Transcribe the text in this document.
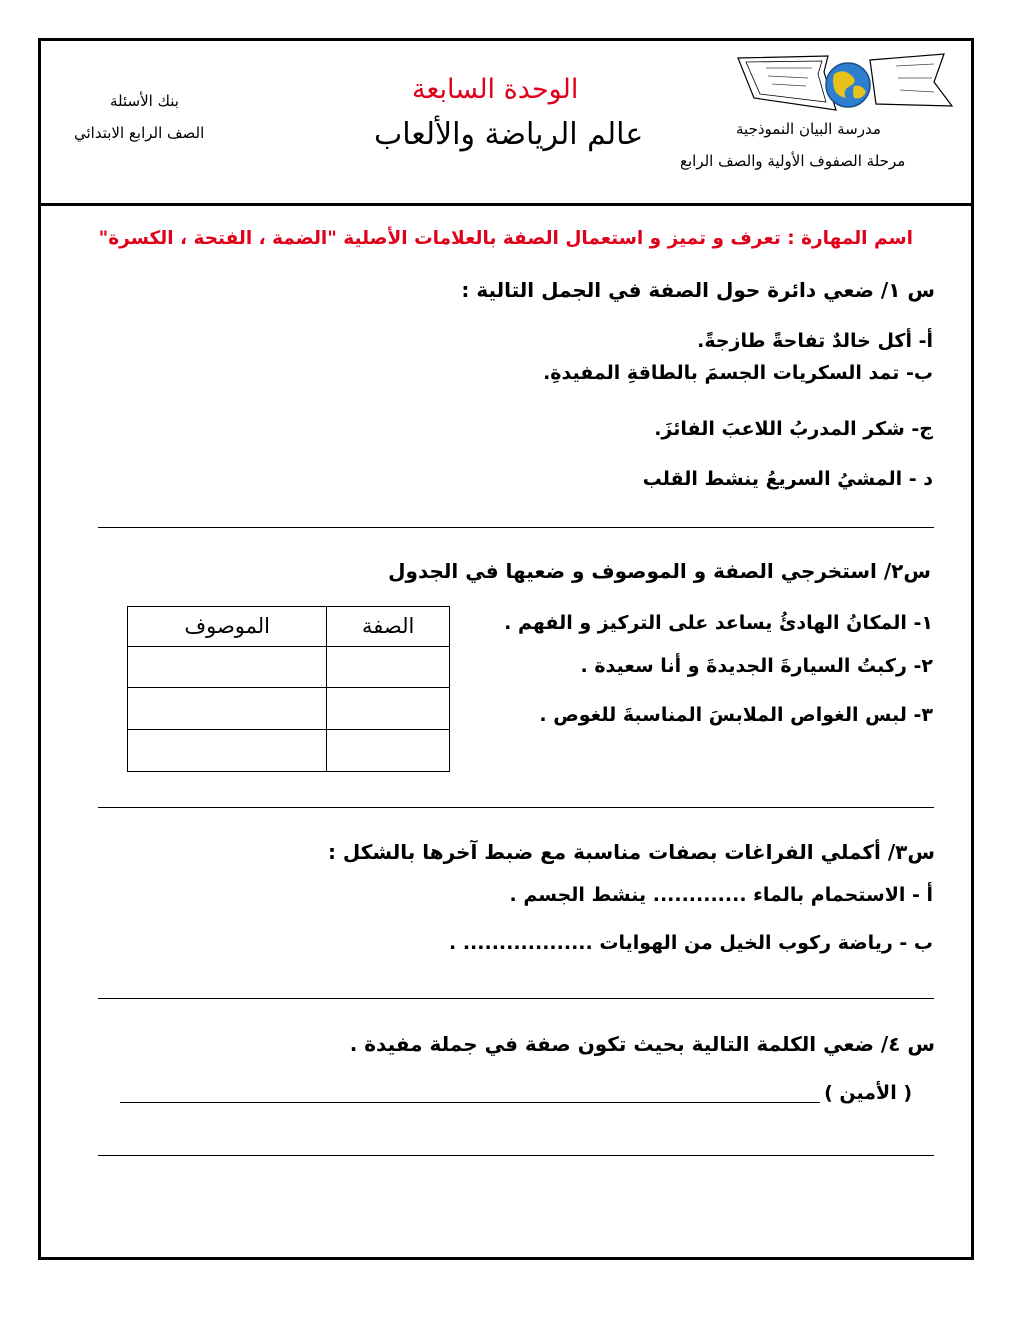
بنك الأسئلة
الصف الرابع الابتدائي
الوحدة السابعة
عالم الرياضة والألعاب	مدرسة البيان النموذجية
مرحلة الصفوف الأولية والصف الرابع
اسم المهارة : تعرف و تميز و استعمال الصفة بالعلامات الأصلية "الضمة ، الفتحة ، الكسرة"
س ١/ ضعي دائرة حول الصفة في الجمل التالية :
أ- أكل خالدٌ تفاحةً طازجةً.
ب- تمد السكريات الجسمَ بالطاقةِ المفيدةِ.
ج- شكر المدربُ اللاعبَ الفائزَ.
د - المشيُ السريعُ ينشط القلب
س٢/ استخرجي الصفة و الموصوف و ضعيها في الجدول
١- المكانُ الهادئُ يساعد على التركيز و الفهم .
٢- ركبتُ السيارةَ الجديدةَ و أنا سعيدة .
٣- لبس الغواص الملابسَ المناسبةَ للغوص .
الصفة	الموصوف

س٣/ أكملي الفراغات بصفات مناسبة مع ضبط آخرها بالشكل :
أ - الاستحمام بالماء ............. ينشط الجسم .
ب - رياضة ركوب الخيل من الهوايات .................. .
س ٤/ ضعي الكلمة التالية بحيث تكون صفة في جملة مفيدة .
( الأمين )
